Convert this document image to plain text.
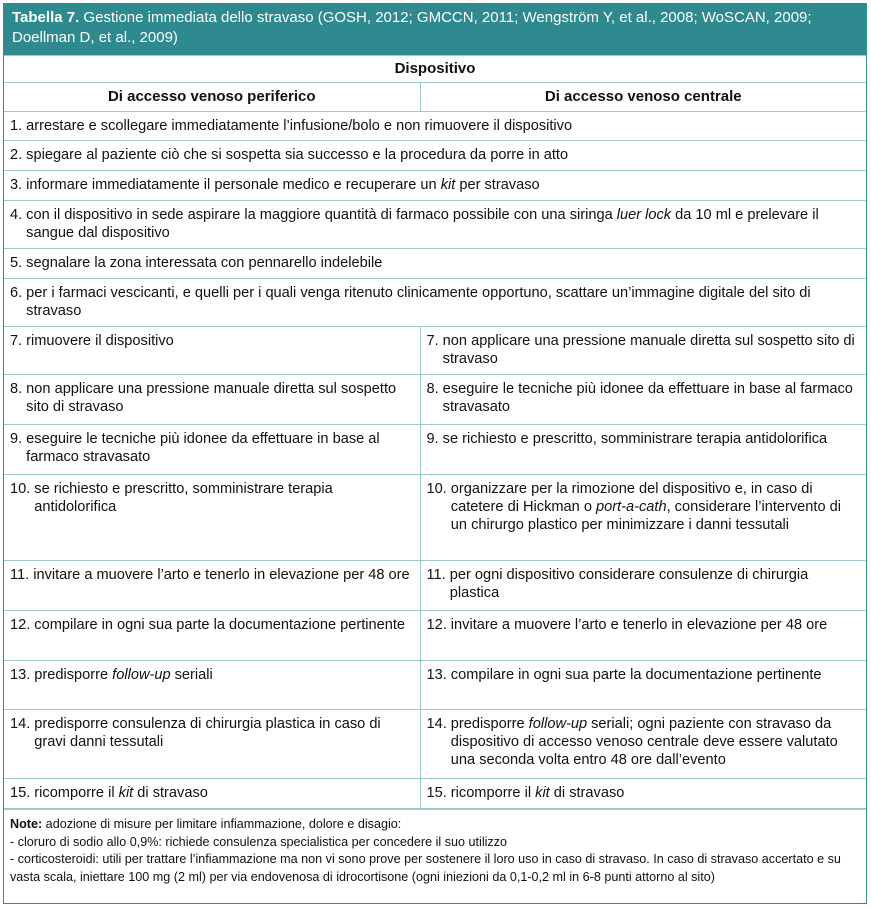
Tabella 7. Gestione immediata dello stravaso (GOSH, 2012; GMCCN, 2011; Wengström Y, et al., 2008; WoSCAN, 2009; Doellman D, et al., 2009)
Dispositivo	

Di accesso venoso periferico	Di accesso venoso centrale

1. arrestare e scollegare immediatamente l’infusione/bolo e non rimuovere il dispositivo	

2. spiegare al paziente ciò che si sospetta sia successo e la procedura da porre in atto	

3. informare immediatamente il personale medico e recuperare un kit per stravaso	

4. con il dispositivo in sede aspirare la maggiore quantità di farmaco possibile con una siringa luer lock da 10 ml e prelevare il sangue dal dispositivo	

5. segnalare la zona interessata con pennarello indelebile	

6. per i farmaci vescicanti, e quelli per i quali venga ritenuto clinicamente opportuno, scattare un’immagine digitale del sito di stravaso	

7. rimuovere il dispositivo	7. non applicare una pressione manuale diretta sul sospetto sito di stravaso

8. non applicare una pressione manuale diretta sul sospetto sito di stravaso	8. eseguire le tecniche più idonee da effettuare in base al farmaco stravasato

9. eseguire le tecniche più idonee da effettuare in base al farmaco stravasato	9. se richiesto e prescritto, somministrare terapia antidolorifica

10. se richiesto e prescritto, somministrare terapia antidolorifica	10. organizzare per la rimozione del dispositivo e, in caso di catetere di Hickman o port-a-cath, considerare l’intervento di un chirurgo plastico per minimizzare i danni tessutali

11. invitare a muovere l’arto e tenerlo in elevazione per 48 ore	11. per ogni dispositivo considerare consulenze di chirurgia plastica

12. compilare in ogni sua parte la documentazione pertinente	12. invitare a muovere l’arto e tenerlo in elevazione per 48 ore

13. predisporre follow-up seriali	13. compilare in ogni sua parte la documentazione pertinente

14. predisporre consulenza di chirurgia plastica in caso di gravi danni tessutali	14. predisporre follow-up seriali; ogni paziente con stravaso da dispositivo di accesso venoso centrale deve essere valutato una seconda volta entro 48 ore dall’evento

15. ricomporre il kit di stravaso	15. ricomporre il kit di stravaso
Note: adozione di misure per limitare infiammazione, dolore e disagio:
- cloruro di sodio allo 0,9%: richiede consulenza specialistica per concedere il suo utilizzo
- corticosteroidi: utili per trattare l’infiammazione ma non vi sono prove per sostenere il loro uso in caso di stravaso. In caso di stravaso accertato e su vasta scala, iniettare 100 mg (2 ml) per via endovenosa di idrocortisone (ogni iniezioni da 0,1-0,2 ml in 6-8 punti attorno al sito)
